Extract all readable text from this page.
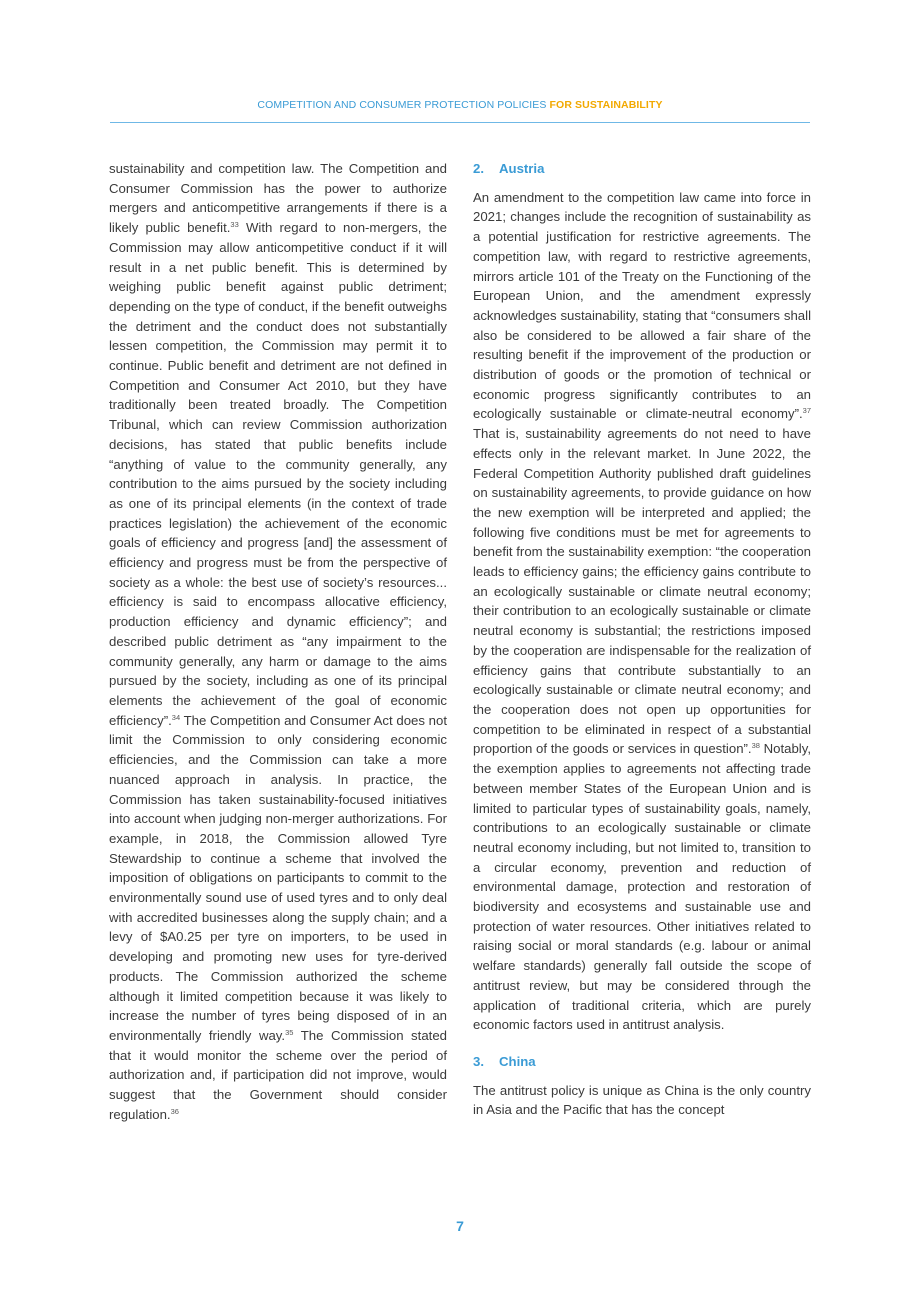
COMPETITION AND CONSUMER PROTECTION POLICIES FOR SUSTAINABILITY

sustainability and competition law. The Competition and Consumer Commission has the power to authorize mergers and anticompetitive arrangements if there is a likely public benefit.$^{33}$ With regard to non-mergers, the Commission may allow anticompetitive conduct if it will result in a net public benefit. This is determined by weighing public benefit against public detriment; depending on the type of conduct, if the benefit outweighs the detriment and the conduct does not substantially lessen competition, the Commission may permit it to continue. Public benefit and detriment are not defined in Competition and Consumer Act 2010, but they have traditionally been treated broadly. The Competition Tribunal, which can review Commission authorization decisions, has stated that public benefits include “anything of value to the community generally, any contribution to the aims pursued by the society including as one of its principal elements (in the context of trade practices legislation) the achievement of the economic goals of efficiency and progress [and] the assessment of efficiency and progress must be from the perspective of society as a whole: the best use of society’s resources... efficiency is said to encompass allocative efficiency, production efficiency and dynamic efficiency”; and described public detriment as “any impairment to the community generally, any harm or damage to the aims pursued by the society, including as one of its principal elements the achievement of the goal of economic efficiency”.$^{34}$ The Competition and Consumer Act does not limit the Commission to only considering economic efficiencies, and the Commission can take a more nuanced approach in analysis. In practice, the Commission has taken sustainability-focused initiatives into account when judging non-merger authorizations. For example, in 2018, the Commission allowed Tyre Stewardship to continue a scheme that involved the imposition of obligations on participants to commit to the environmentally sound use of used tyres and to only deal with accredited businesses along the supply chain; and a levy of $A0.25 per tyre on importers, to be used in developing and promoting new uses for tyre-derived products. The Commission authorized the scheme although it limited competition because it was likely to increase the number of tyres being disposed of in an environmentally friendly way.$^{35}$ The Commission stated that it would monitor the scheme over the period of authorization and, if participation did not improve, would suggest that the Government should consider regulation.$^{36}$

2.	Austria

An amendment to the competition law came into force in 2021; changes include the recognition of sustainability as a potential justification for restrictive agreements. The competition law, with regard to restrictive agreements, mirrors article 101 of the Treaty on the Functioning of the European Union, and the amendment expressly acknowledges sustainability, stating that “consumers shall also be considered to be allowed a fair share of the resulting benefit if the improvement of the production or distribution of goods or the promotion of technical or economic progress significantly contributes to an ecologically sustainable or climate-neutral economy”.$^{37}$ That is, sustainability agreements do not need to have effects only in the relevant market. In June 2022, the Federal Competition Authority published draft guidelines on sustainability agreements, to provide guidance on how the new exemption will be interpreted and applied; the following five conditions must be met for agreements to benefit from the sustainability exemption: “the cooperation leads to efficiency gains; the efficiency gains contribute to an ecologically sustainable or climate neutral economy; their contribution to an ecologically sustainable or climate neutral economy is substantial; the restrictions imposed by the cooperation are indispensable for the realization of efficiency gains that contribute substantially to an ecologically sustainable or climate neutral economy; and the cooperation does not open up opportunities for competition to be eliminated in respect of a substantial proportion of the goods or services in question”.$^{38}$ Notably, the exemption applies to agreements not affecting trade between member States of the European Union and is limited to particular types of sustainability goals, namely, contributions to an ecologically sustainable or climate neutral economy including, but not limited to, transition to a circular economy, prevention and reduction of environmental damage, protection and restoration of biodiversity and ecosystems and sustainable use and protection of water resources. Other initiatives related to raising social or moral standards (e.g. labour or animal welfare standards) generally fall outside the scope of antitrust review, but may be considered through the application of traditional criteria, which are purely economic factors used in antitrust analysis.

3.	China

The antitrust policy is unique as China is the only country in Asia and the Pacific that has the concept

7
